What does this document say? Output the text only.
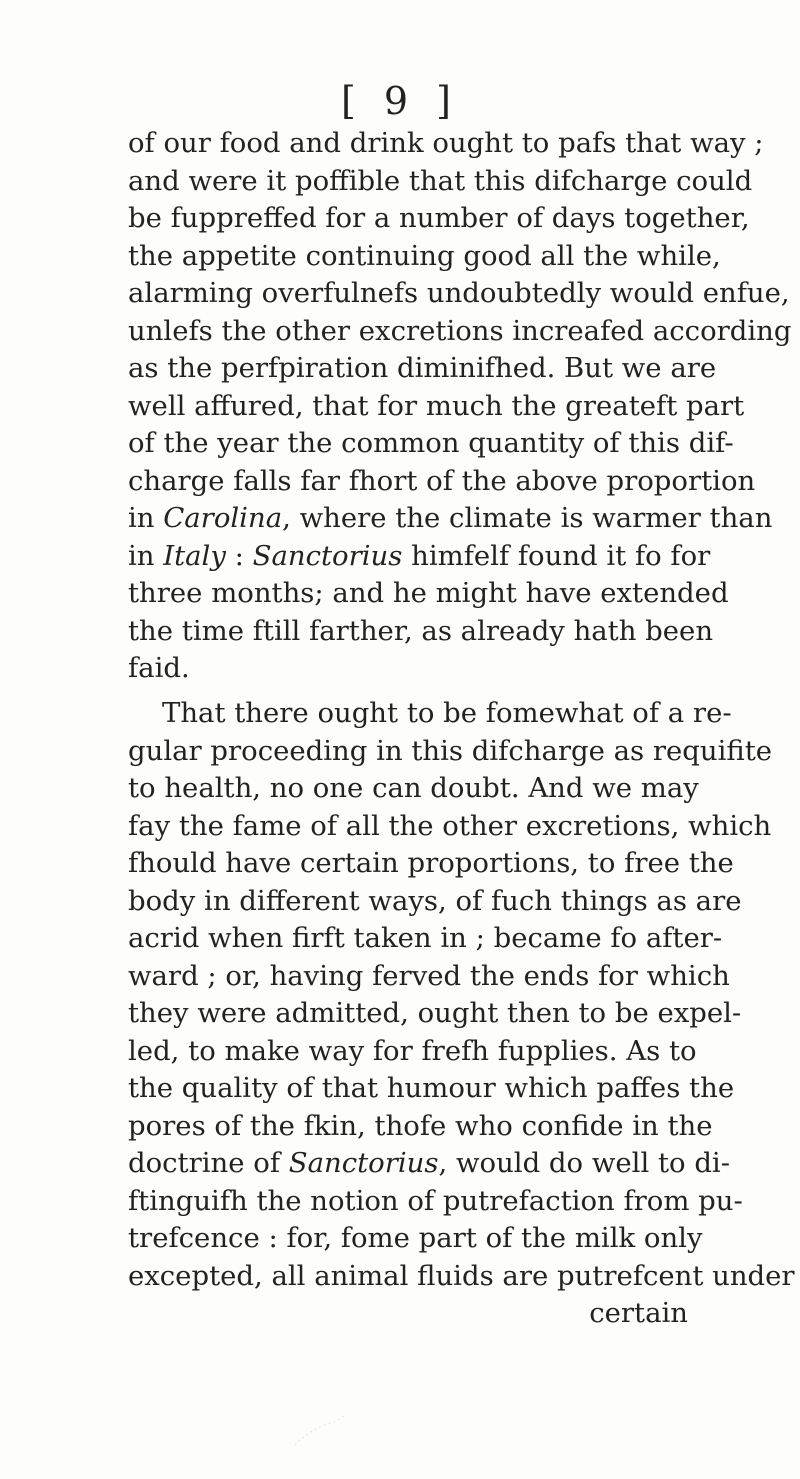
[ 9 ]
of our food and drink ought to pafs that way ;
and were it poffible that this difcharge could
be fuppreffed for a number of days together,
the appetite continuing good all the while,
alarming overfulnefs undoubtedly would enfue,
unlefs the other excretions increafed according
as the perfpiration diminifhed. But we are
well affured, that for much the greateft part
of the year the common quantity of this dif-
charge falls far fhort of the above proportion
in Carolina, where the climate is warmer than
in Italy : Sanctorius himfelf found it fo for
three months; and he might have extended
the time ftill farther, as already hath been
faid.
That there ought to be fomewhat of a re-
gular proceeding in this difcharge as requifite
to health, no one can doubt. And we may
fay the fame of all the other excretions, which
fhould have certain proportions, to free the
body in different ways, of fuch things as are
acrid when firft taken in ; became fo after-
ward ; or, having ferved the ends for which
they were admitted, ought then to be expel-
led, to make way for frefh fupplies. As to
the quality of that humour which paffes the
pores of the fkin, thofe who confide in the
doctrine of Sanctorius, would do well to di-
ftinguifh the notion of putrefaction from pu-
trefcence : for, fome part of the milk only
excepted, all animal fluids are putrefcent under
certain
